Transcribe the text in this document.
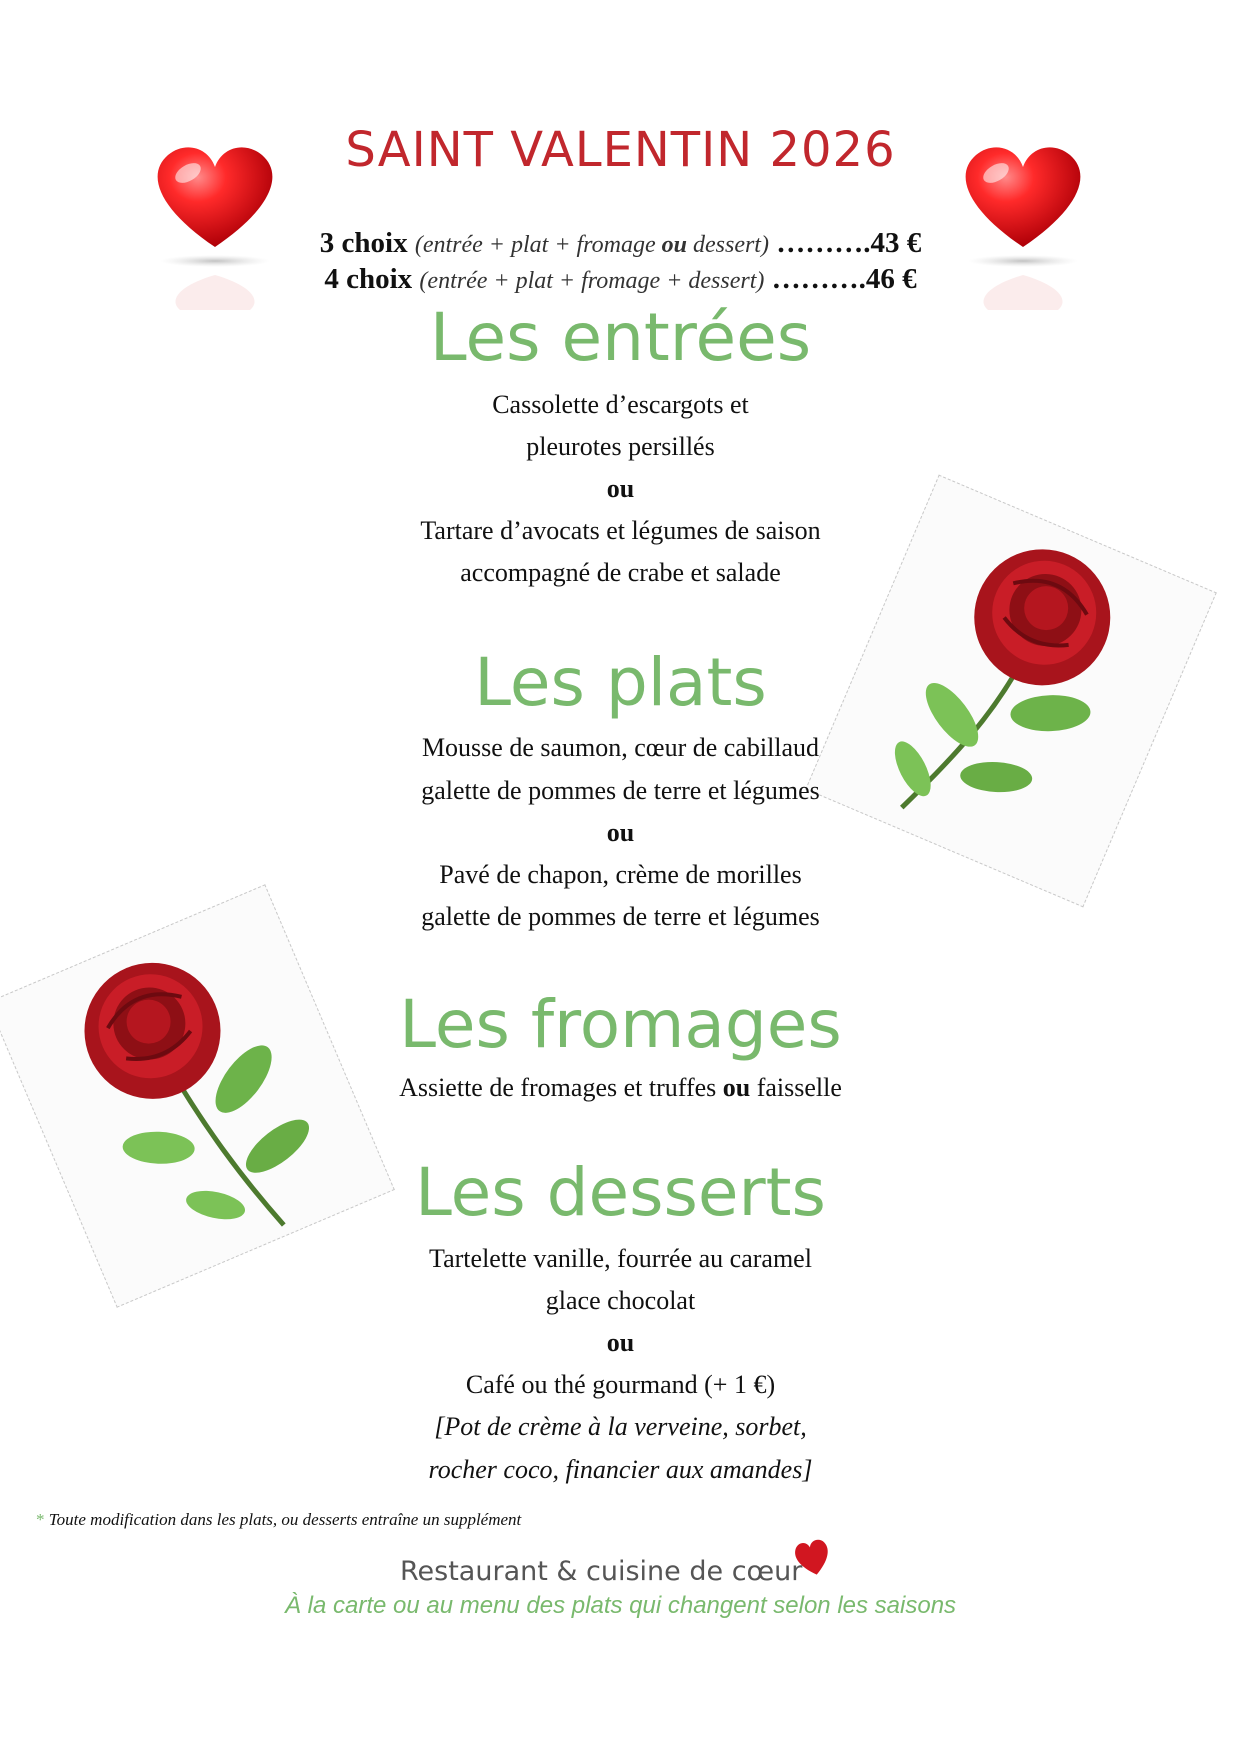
SAINT VALENTIN 2026
3 choix (entrée + plat + fromage ou dessert) ……….43 €
4 choix (entrée + plat + fromage + dessert) ……….46 €
Les entrées
Cassolette d’escargots et
pleurotes persillés
ou
Tartare d’avocats et légumes de saison
accompagné de crabe et salade
Les plats
Mousse de saumon, cœur de cabillaud
galette de pommes de terre et légumes
ou
Pavé de chapon, crème de morilles
galette de pommes de terre et légumes
Les fromages
Assiette de fromages et truffes ou faisselle
Les desserts
Tartelette vanille, fourrée au caramel
glace chocolat
ou
Café ou thé gourmand (+ 1 €)
[Pot de crème à la verveine, sorbet,
rocher coco, financier aux amandes]
* Toute modification dans les plats, ou desserts entraîne un supplément
Restaurant & cuisine de cœur
À la carte ou au menu des plats qui changent selon les saisons
